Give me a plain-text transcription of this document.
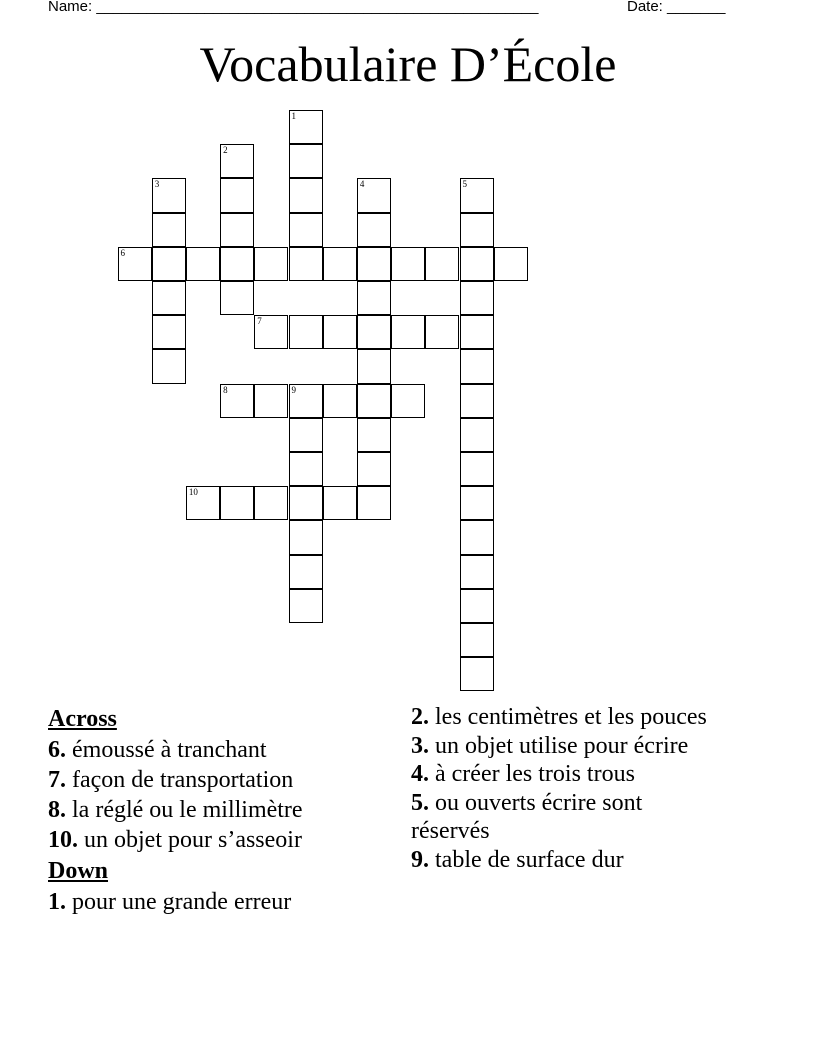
Name: _____________________________________________________	Date: _______
Vocabulaire D’École
6
7
8	9
10
1
2
3	4	5
Across

6. émoussé à tranchant

7. façon de transportation

8. la réglé ou le millimètre

10. un objet pour s’asseoir

Down

1. pour une grande erreur

2. les centimètres et les pouces

3. un objet utilise pour écrire

4. à créer les trois trous

5. ou ouverts écrire sont réservés

9. table de surface dur
